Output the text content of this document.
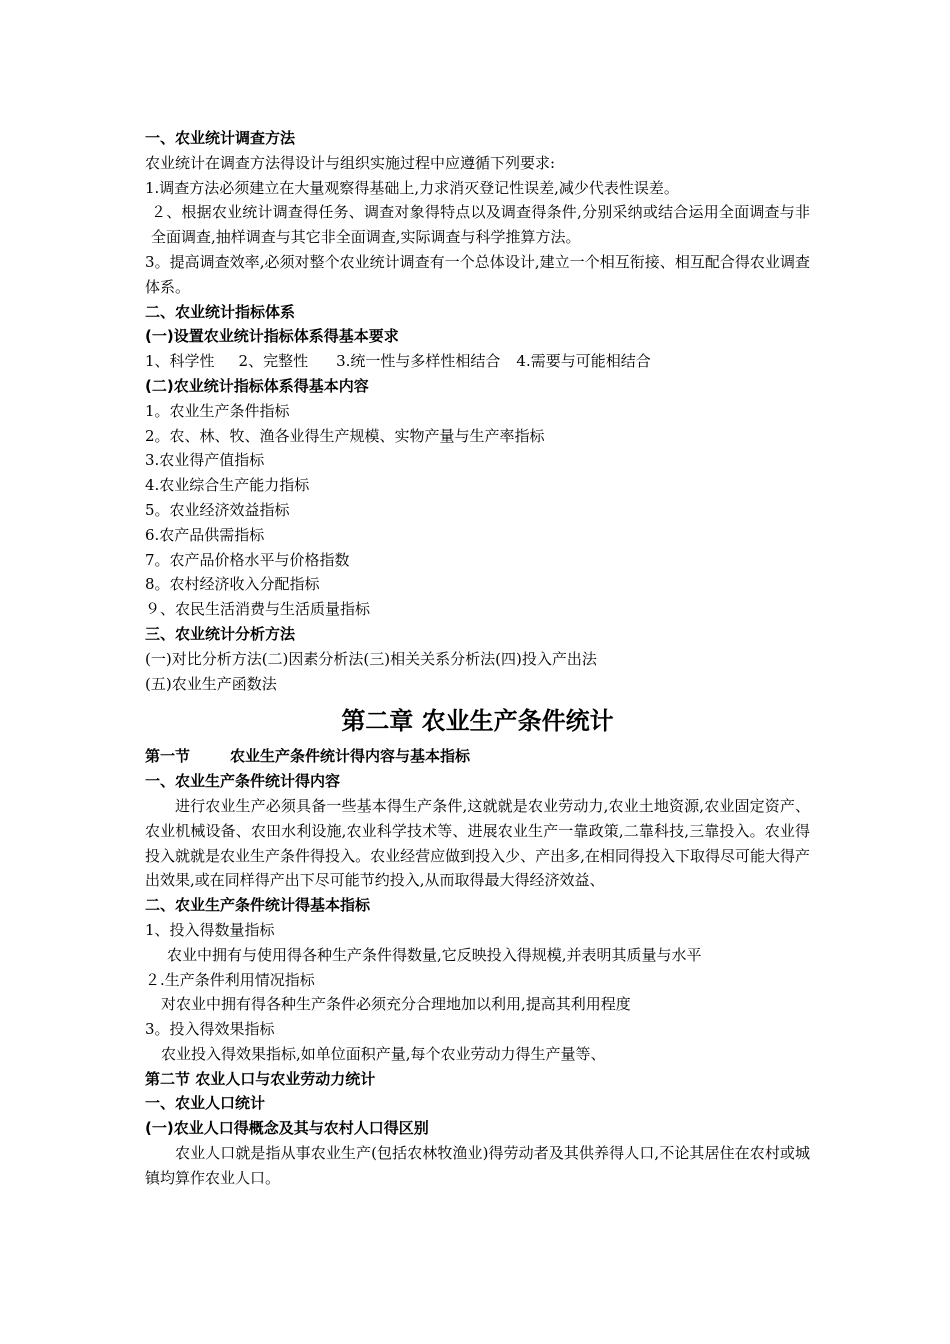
一、农业统计调查方法
农业统计在调查方法得设计与组织实施过程中应遵循下列要求:
1.调查方法必须建立在大量观察得基础上,力求消灭登记性误差,减少代表性误差。
２、根据农业统计调查得任务、调查对象得特点以及调查得条件,分别采纳或结合运用全面调查与非全面调查,抽样调查与其它非全面调查,实际调查与科学推算方法。
3。提高调查效率,必须对整个农业统计调查有一个总体设计,建立一个相互衔接、相互配合得农业调查体系。
二、农业统计指标体系
(一)设置农业统计指标体系得基本要求
1、科学性 2、完整性 3.统一性与多样性相结合 4.需要与可能相结合
(二)农业统计指标体系得基本内容
1。农业生产条件指标
2。农、林、牧、渔各业得生产规模、实物产量与生产率指标
3.农业得产值指标
4.农业综合生产能力指标
5。农业经济效益指标
6.农产品供需指标
7。农产品价格水平与价格指数
8。农村经济收入分配指标
９、农民生活消费与生活质量指标
三、农业统计分析方法
(一)对比分析方法(二)因素分析法(三)相关关系分析法(四)投入产出法
(五)农业生产函数法
第二章 农业生产条件统计
第一节	农业生产条件统计得内容与基本指标
一、农业生产条件统计得内容
进行农业生产必须具备一些基本得生产条件,这就就是农业劳动力,农业土地资源,农业固定资产、农业机械设备、农田水利设施,农业科学技术等、进展农业生产一靠政策,二靠科技,三靠投入。农业得投入就就是农业生产条件得投入。农业经营应做到投入少、产出多,在相同得投入下取得尽可能大得产出效果,或在同样得产出下尽可能节约投入,从而取得最大得经济效益、
二、农业生产条件统计得基本指标
1、投入得数量指标
农业中拥有与使用得各种生产条件得数量,它反映投入得规模,并表明其质量与水平
２.生产条件利用情况指标
对农业中拥有得各种生产条件必须充分合理地加以利用,提高其利用程度
3。投入得效果指标
农业投入得效果指标,如单位面积产量,每个农业劳动力得生产量等、
第二节 农业人口与农业劳动力统计
一、农业人口统计
(一)农业人口得概念及其与农村人口得区别
农业人口就是指从事农业生产(包括农林牧渔业)得劳动者及其供养得人口,不论其居住在农村或城镇均算作农业人口。
